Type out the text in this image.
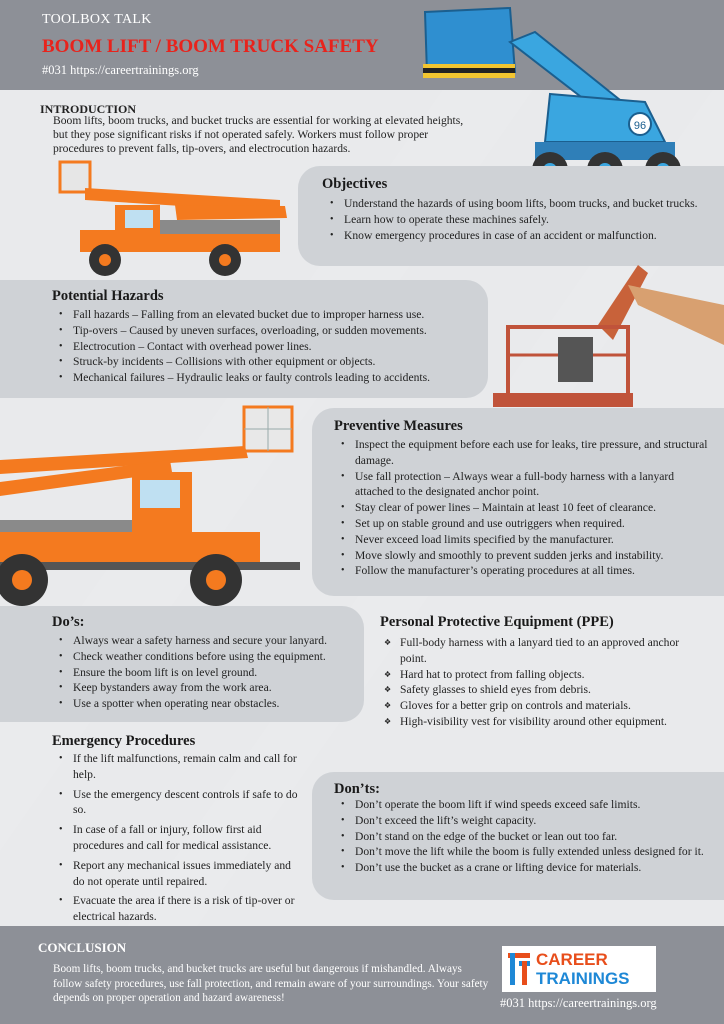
TOOLBOX TALK
BOOM LIFT / BOOM TRUCK SAFETY
#031 https://careertrainings.org
96
INTRODUCTION
Boom lifts, boom trucks, and bucket trucks are essential for working at elevated heights, but they pose significant risks if not operated safely. Workers must follow proper procedures to prevent falls, tip-overs, and electrocution hazards.
Objectives
• Understand the hazards of using boom lifts, boom trucks, and bucket trucks.
• Learn how to operate these machines safely.
• Know emergency procedures in case of an accident or malfunction.
Potential Hazards
• Fall hazards – Falling from an elevated bucket due to improper harness use.
• Tip-overs – Caused by uneven surfaces, overloading, or sudden movements.
• Electrocution – Contact with overhead power lines.
• Struck-by incidents – Collisions with other equipment or objects.
• Mechanical failures – Hydraulic leaks or faulty controls leading to accidents.
Preventive Measures
• Inspect the equipment before each use for leaks, tire pressure, and structural damage.
• Use fall protection – Always wear a full-body harness with a lanyard attached to the designated anchor point.
• Stay clear of power lines – Maintain at least 10 feet of clearance.
• Set up on stable ground and use outriggers when required.
• Never exceed load limits specified by the manufacturer.
• Move slowly and smoothly to prevent sudden jerks and instability.
• Follow the manufacturer’s operating procedures at all times.
Do’s:
• Always wear a safety harness and secure your lanyard.
• Check weather conditions before using the equipment.
• Ensure the boom lift is on level ground.
• Keep bystanders away from the work area.
• Use a spotter when operating near obstacles.
Personal Protective Equipment (PPE)
❖ Full-body harness with a lanyard tied to an approved anchor point.
❖ Hard hat to protect from falling objects.
❖ Safety glasses to shield eyes from debris.
❖ Gloves for a better grip on controls and materials.
❖ High-visibility vest for visibility around other equipment.
Emergency Procedures
• If the lift malfunctions, remain calm and call for help.
• Use the emergency descent controls if safe to do so.
• In case of a fall or injury, follow first aid procedures and call for medical assistance.
• Report any mechanical issues immediately and do not operate until repaired.
• Evacuate the area if there is a risk of tip-over or electrical hazards.
Don’ts:
• Don’t operate the boom lift if wind speeds exceed safe limits.
• Don’t exceed the lift’s weight capacity.
• Don’t stand on the edge of the bucket or lean out too far.
• Don’t move the lift while the boom is fully extended unless designed for it.
• Don’t use the bucket as a crane or lifting device for materials.
CONCLUSION
Boom lifts, boom trucks, and bucket trucks are useful but dangerous if mishandled. Always follow safety procedures, use fall protection, and remain aware of your surroundings. Your safety depends on proper operation and hazard awareness!
CAREER
TRAININGS
#031 https://careertrainings.org
